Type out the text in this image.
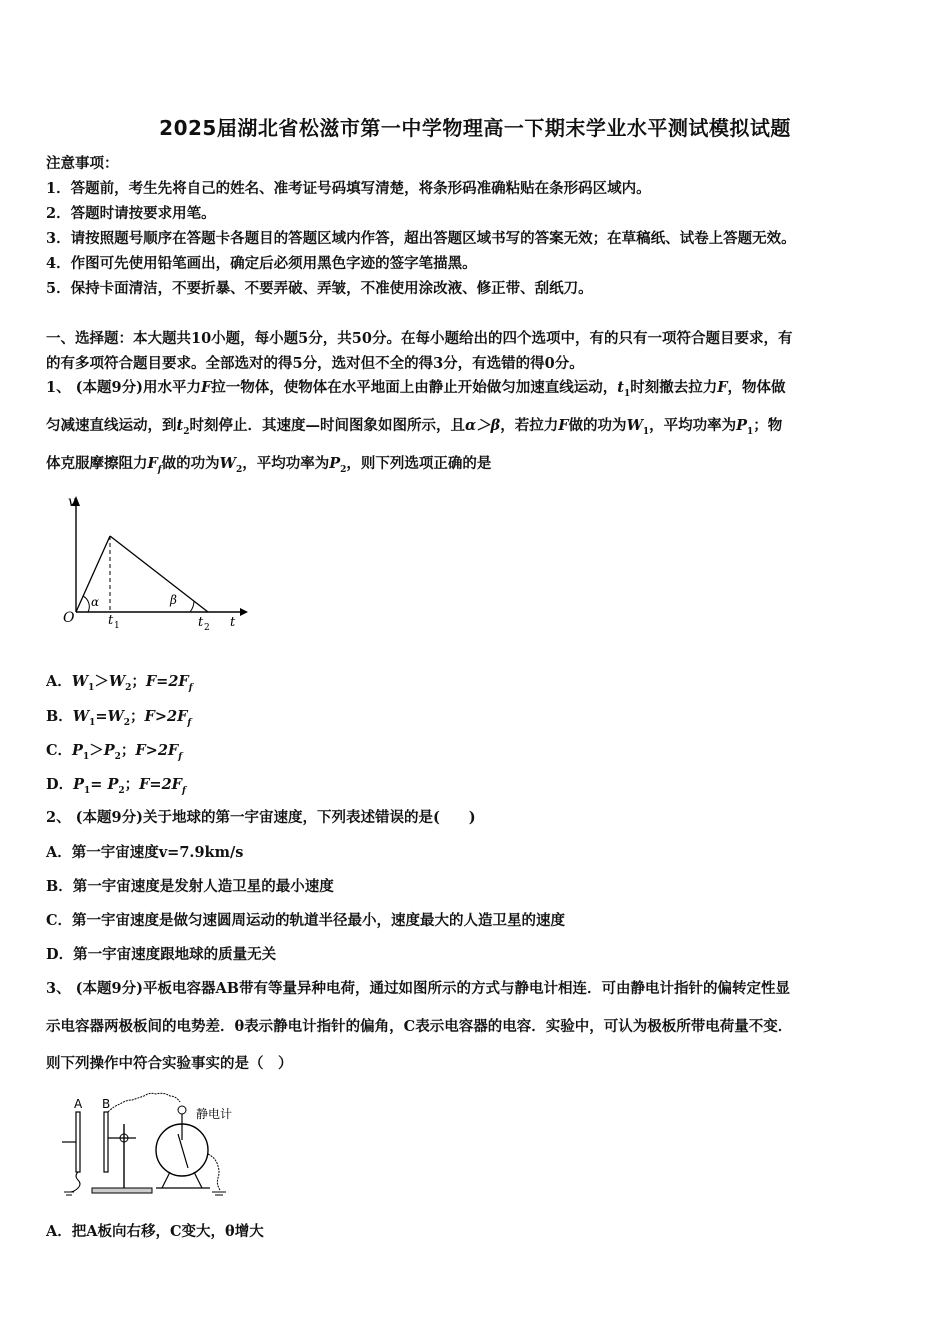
2025届湖北省松滋市第一中学物理高一下期末学业水平测试模拟试题
注意事项：
1．答题前，考生先将自己的姓名、准考证号码填写清楚，将条形码准确粘贴在条形码区域内。
2．答题时请按要求用笔。
3．请按照题号顺序在答题卡各题目的答题区域内作答，超出答题区域书写的答案无效；在草稿纸、试卷上答题无效。
4．作图可先使用铅笔画出，确定后必须用黑色字迹的签字笔描黑。
5．保持卡面清洁，不要折暴、不要弄破、弄皱，不准使用涂改液、修正带、刮纸刀。
一、选择题：本大题共10小题，每小题5分，共50分。在每小题给出的四个选项中，有的只有一项符合题目要求，有
的有多项符合题目要求。全部选对的得5分，选对但不全的得3分，有选错的得0分。
1、 (本题9分)用水平力F拉一物体，使物体在水平地面上由静止开始做匀加速直线运动，$t_1$时刻撤去拉力F，物体做
匀减速直线运动，到$t_2$时刻停止．其速度—时间图象如图所示，且α＞β，若拉力F做的功为$W_1$，平均功率为$P_1$；物
体克服摩擦阻力$F_f$做的功为$W_2$，平均功率为$P_2$，则下列选项正确的是
v
O
α	β
t 1	t 2 t
A．$W_1>W_2$；$F=2F_f$
B．$W_1=W_2$；$F>2F_f$
C．$P_1>P_2$；$F>2F_f$
D．$P_1= P_2$；$F=2F_f$
2、 (本题9分)关于地球的第一宇宙速度，下列表述错误的是(　　)
A．第一宇宙速度v=7.9km/s
B．第一宇宙速度是发射人造卫星的最小速度
C．第一宇宙速度是做匀速圆周运动的轨道半径最小，速度最大的人造卫星的速度
D．第一宇宙速度跟地球的质量无关
3、 (本题9分)平板电容器AB带有等量异种电荷，通过如图所示的方式与静电计相连．可由静电计指针的偏转定性显
示电容器两极板间的电势差．θ表示静电计指针的偏角，C表示电容器的电容．实验中，可认为极板所带电荷量不变．
则下列操作中符合实验事实的是（　）
A B
静电计
A．把A板向右移，C变大，θ增大
